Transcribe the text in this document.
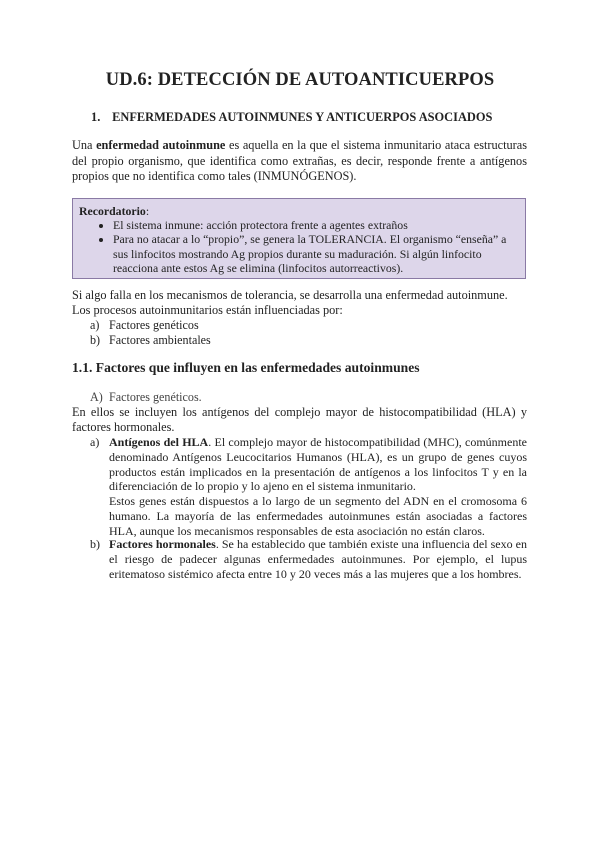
UD.6: DETECCIÓN DE AUTOANTICUERPOS
1. ENFERMEDADES AUTOINMUNES Y ANTICUERPOS ASOCIADOS
Una enfermedad autoinmune es aquella en la que el sistema inmunitario ataca estructuras del propio organismo, que identifica como extrañas, es decir, responde frente a antígenos propios que no identifica como tales (INMUNÓGENOS).
Recordatorio:
• El sistema inmune: acción protectora frente a agentes extraños
• Para no atacar a lo “propio”, se genera la TOLERANCIA. El organismo “enseña” a sus linfocitos mostrando Ag propios durante su maduración. Si algún linfocito reacciona ante estos Ag se elimina (linfocitos autorreactivos).
Si algo falla en los mecanismos de tolerancia, se desarrolla una enfermedad autoinmune.
Los procesos autoinmunitarios están influenciadas por:
a) Factores genéticos
b) Factores ambientales
1.1. Factores que influyen en las enfermedades autoinmunes
A) Factores genéticos.
En ellos se incluyen los antígenos del complejo mayor de histocompatibilidad (HLA) y factores hormonales.
a) Antígenos del HLA. El complejo mayor de histocompatibilidad (MHC), comúnmente denominado Antígenos Leucocitarios Humanos (HLA), es un grupo de genes cuyos productos están implicados en la presentación de antígenos a los linfocitos T y en la diferenciación de lo propio y lo ajeno en el sistema inmunitario.
Estos genes están dispuestos a lo largo de un segmento del ADN en el cromosoma 6 humano. La mayoría de las enfermedades autoinmunes están asociadas a factores HLA, aunque los mecanismos responsables de esta asociación no están claros.
b) Factores hormonales. Se ha establecido que también existe una influencia del sexo en el riesgo de padecer algunas enfermedades autoinmunes. Por ejemplo, el lupus eritematoso sistémico afecta entre 10 y 20 veces más a las mujeres que a los hombres.
